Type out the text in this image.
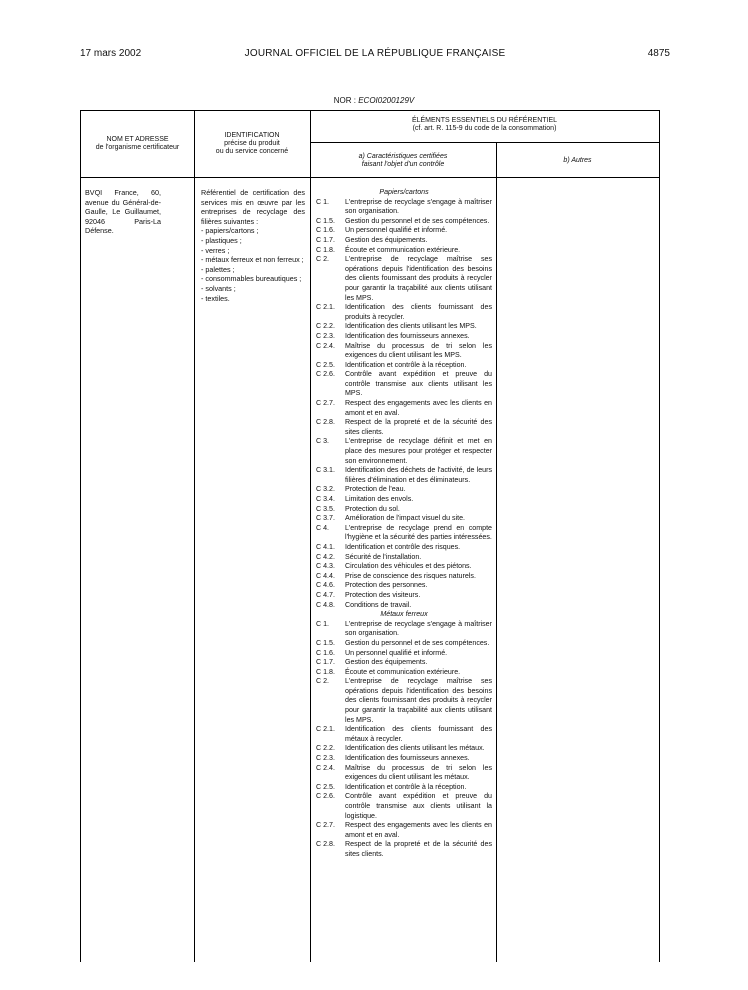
17 mars 2002	JOURNAL OFFICIEL DE LA RÉPUBLIQUE FRANÇAISE	4875
NOR : ECOI0200129V
NOM ET ADRESSE
de l'organisme certificateur
IDENTIFICATION
précise du produit
ou du service concerné
ÉLÉMENTS ESSENTIELS DU RÉFÉRENTIEL
(cf. art. R. 115-9 du code de la consommation)
a) Caractéristiques certifiées
faisant l'objet d'un contrôle
b) Autres
BVQI France, 60, avenue du Général-de-Gaulle, Le Guillaumet, 92046 Paris-La Défense.
Référentiel de certification des services mis en œuvre par les entreprises de recyclage des filières suivantes :
- papiers/cartons ;
- plastiques ;
- verres ;
- métaux ferreux et non ferreux ;
- palettes ;
- consommables bureautiques ;
- solvants ;
- textiles.
Papiers/cartons
C 1. L'entreprise de recyclage s'engage à maîtriser son organisation.
C 1.5. Gestion du personnel et de ses compétences.
C 1.6. Un personnel qualifié et informé.
C 1.7. Gestion des équipements.
C 1.8. Écoute et communication extérieure.
C 2. L'entreprise de recyclage maîtrise ses opérations depuis l'identification des besoins des clients fournissant des produits à recycler pour garantir la traçabilité aux clients utilisant les MPS.
C 2.1. Identification des clients fournissant des produits à recycler.
C 2.2. Identification des clients utilisant les MPS.
C 2.3. Identification des fournisseurs annexes.
C 2.4. Maîtrise du processus de tri selon les exigences du client utilisant les MPS.
C 2.5. Identification et contrôle à la réception.
C 2.6. Contrôle avant expédition et preuve du contrôle transmise aux clients utilisant les MPS.
C 2.7. Respect des engagements avec les clients en amont et en aval.
C 2.8. Respect de la propreté et de la sécurité des sites clients.
C 3. L'entreprise de recyclage définit et met en place des mesures pour protéger et respecter son environnement.
C 3.1. Identification des déchets de l'activité, de leurs filières d'élimination et des éliminateurs.
C 3.2. Protection de l'eau.
C 3.4. Limitation des envols.
C 3.5. Protection du sol.
C 3.7. Amélioration de l'impact visuel du site.
C 4. L'entreprise de recyclage prend en compte l'hygiène et la sécurité des parties intéressées.
C 4.1. Identification et contrôle des risques.
C 4.2. Sécurité de l'installation.
C 4.3. Circulation des véhicules et des piétons.
C 4.4. Prise de conscience des risques naturels.
C 4.6. Protection des personnes.
C 4.7. Protection des visiteurs.
C 4.8. Conditions de travail.
Métaux ferreux
C 1. L'entreprise de recyclage s'engage à maîtriser son organisation.
C 1.5. Gestion du personnel et de ses compétences.
C 1.6. Un personnel qualifié et informé.
C 1.7. Gestion des équipements.
C 1.8. Écoute et communication extérieure.
C 2. L'entreprise de recyclage maîtrise ses opérations depuis l'identification des besoins des clients fournissant des produits à recycler pour garantir la traçabilité aux clients utilisant les MPS.
C 2.1. Identification des clients fournissant des métaux à recycler.
C 2.2. Identification des clients utilisant les métaux.
C 2.3. Identification des fournisseurs annexes.
C 2.4. Maîtrise du processus de tri selon les exigences du client utilisant les métaux.
C 2.5. Identification et contrôle à la réception.
C 2.6. Contrôle avant expédition et preuve du contrôle transmise aux clients utilisant la logistique.
C 2.7. Respect des engagements avec les clients en amont et en aval.
C 2.8. Respect de la propreté et de la sécurité des sites clients.
